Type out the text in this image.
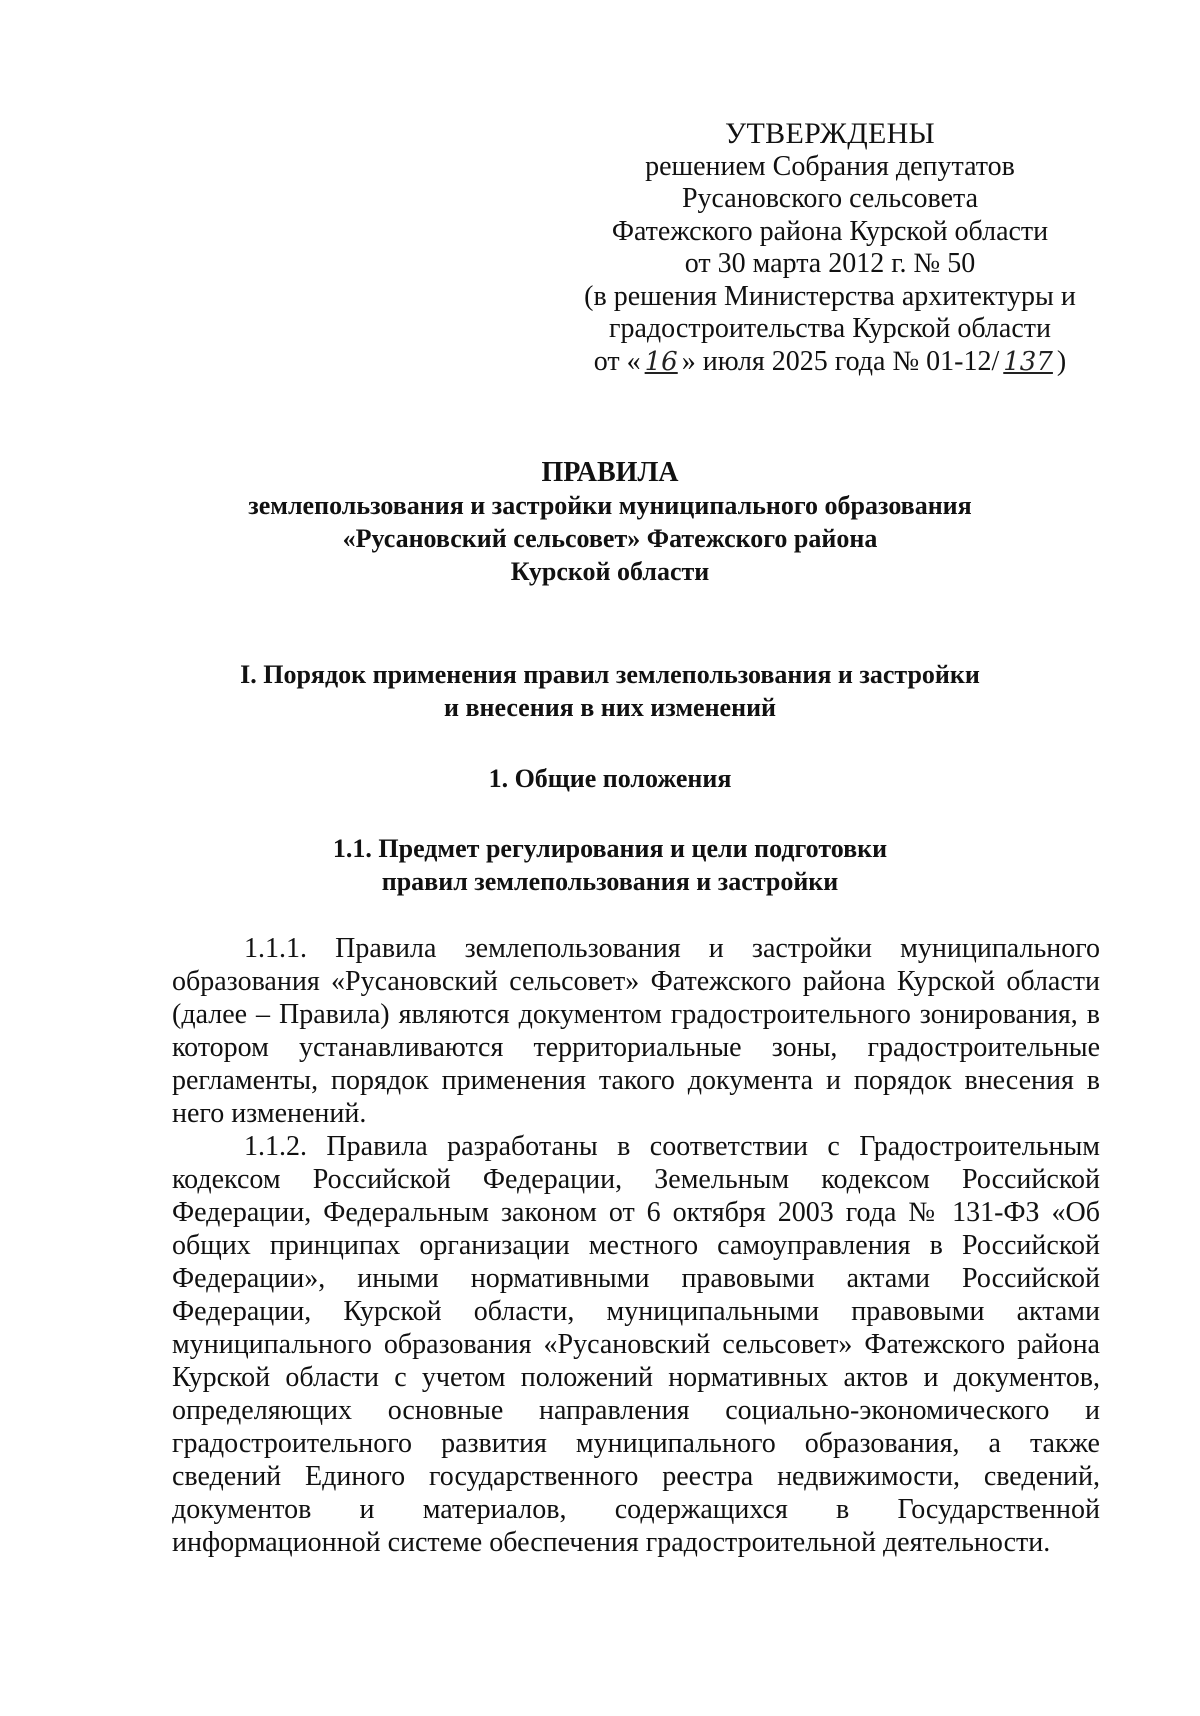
УТВЕРЖДЕНЫ
решением Собрания депутатов
Русановского сельсовета
Фатежского района Курской области
от 30 марта 2012 г. № 50
(в решения Министерства архитектуры и
градостроительства Курской области
от « 16 » июля 2025 года № 01-12/ 137 )
ПРАВИЛА
землепользования и застройки муниципального образования
«Русановский сельсовет» Фатежского района
Курской области
I. Порядок применения правил землепользования и застройки
и внесения в них изменений
1. Общие положения
1.1. Предмет регулирования и цели подготовки
правил землепользования и застройки

1.1.1. Правила землепользования и застройки муниципального образования «Русановский сельсовет» Фатежского района Курской области (далее – Правила) являются документом градостроительного зонирования, в котором устанавливаются территориальные зоны, градостроительные регламенты, порядок применения такого документа и порядок внесения в него изменений.

1.1.2. Правила разработаны в соответствии с Градостроительным кодексом Российской Федерации, Земельным кодексом Российской Федерации, Федеральным законом от 6 октября 2003 года № 131-ФЗ «Об общих принципах организации местного самоуправления в Российской Федерации», иными нормативными правовыми актами Российской Федерации, Курской области, муниципальными правовыми актами муниципального образования «Русановский сельсовет» Фатежского района Курской области с учетом положений нормативных актов и документов, определяющих основные направления социально-экономического и градостроительного развития муниципального образования, а также сведений Единого государственного реестра недвижимости, сведений, документов и материалов, содержащихся в Государственной информационной системе обеспечения градостроительной деятельности.
